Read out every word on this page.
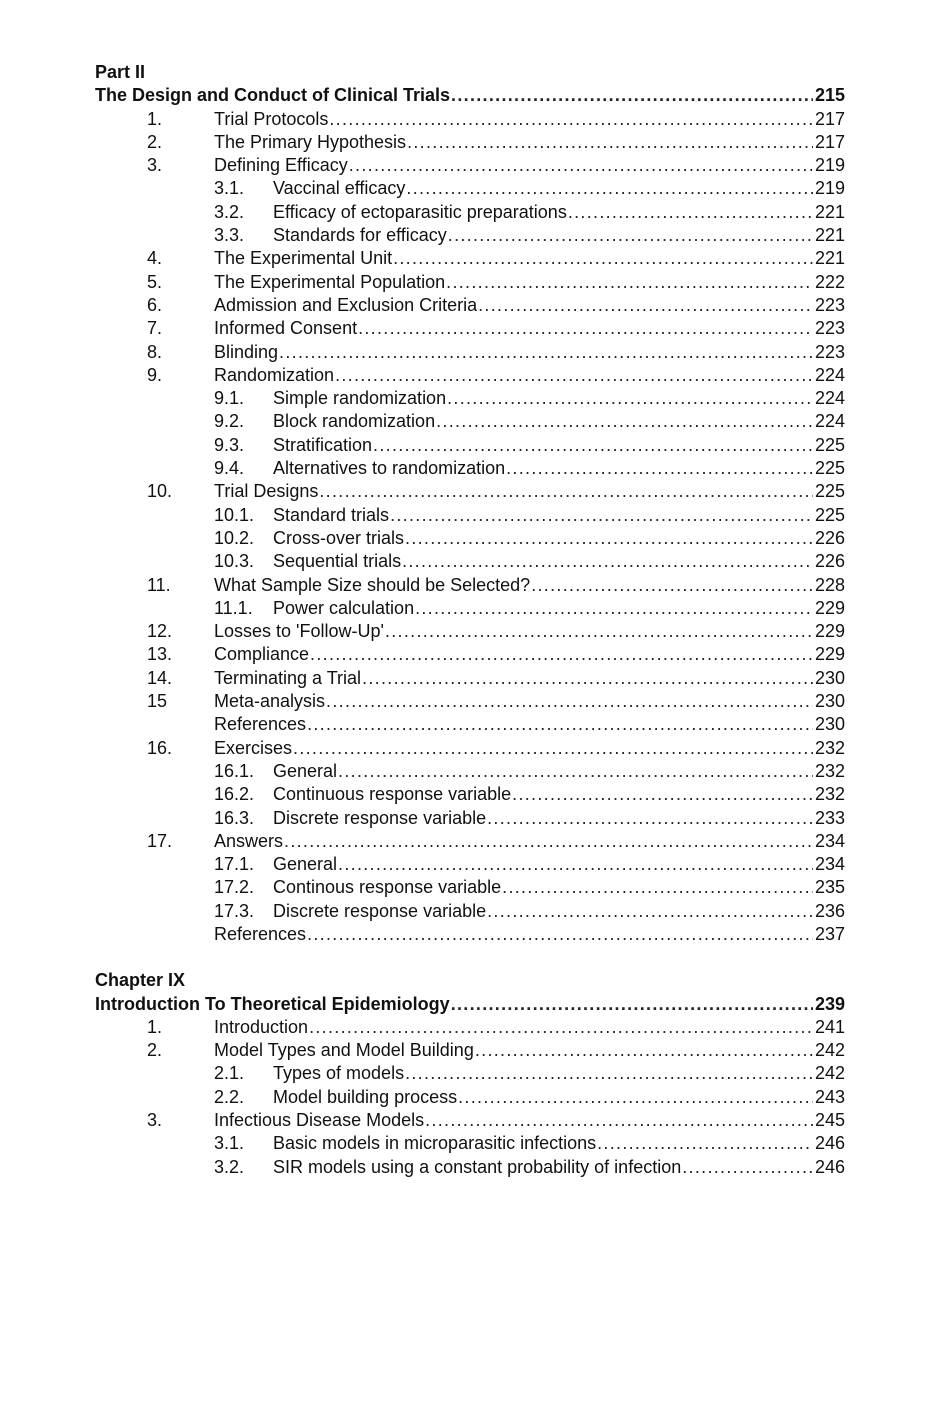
Part II
The Design and Conduct of Clinical Trials .....	215
1.	Trial Protocols .....	217
2.	The Primary Hypothesis .....	217
3.	Defining Efficacy .....	219
3.1. Vaccinal efficacy .....	219
3.2. Efficacy of ectoparasitic preparations .....	221
3.3. Standards for efficacy .....	221
4.	The Experimental Unit .....	221
5.	The Experimental Population .....	222
6.	Admission and Exclusion Criteria .....	223
7.	Informed Consent .....	223
8.	Blinding .....	223
9.	Randomization .....	224
9.1. Simple randomization .....	224
9.2. Block randomization .....	224
9.3. Stratification .....	225
9.4. Alternatives to randomization .....	225
10. Trial Designs .....	225
10.1. Standard trials .....	225
10.2. Cross-over trials .....	226
10.3. Sequential trials .....	226
11. What Sample Size should be Selected? .....	228
11.1. Power calculation .....	229
12. Losses to 'Follow-Up' .....	229
13. Compliance .....	229
14. Terminating a Trial .....	230
15	Meta-analysis .....	230
References .....	230
16. Exercises .....	232
16.1. General .....	232
16.2. Continuous response variable .....	232
16.3. Discrete response variable .....	233
17. Answers .....	234
17.1. General .....	234
17.2. Continous response variable .....	235
17.3. Discrete response variable .....	236
References .....	237
Chapter IX
Introduction To Theoretical Epidemiology .....	239
1.	Introduction .....	241
2.	Model Types and Model Building .....	242
2.1. Types of models .....	242
2.2. Model building process .....	243
3.	Infectious Disease Models .....	245
3.1. Basic models in microparasitic infections .....	246
3.2. SIR models using a constant probability of infection .....	246
